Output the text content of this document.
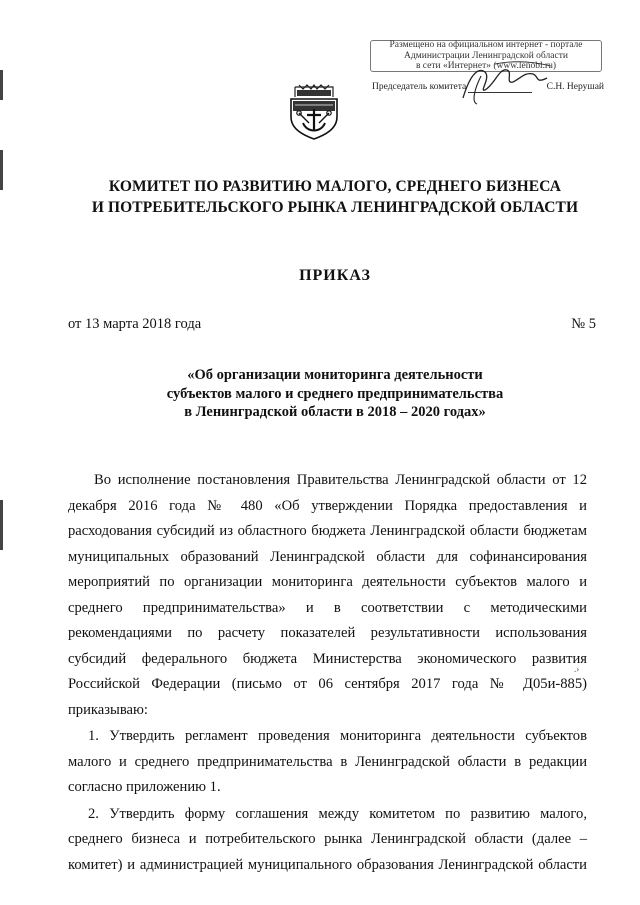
Размещено на официальном интернет - портале
Администрации Ленинградской области
в сети «Интернет» (www.lenobl.ru)
Председатель комитета	С.Н. Нерушай
КОМИТЕТ ПО РАЗВИТИЮ МАЛОГО, СРЕДНЕГО БИЗНЕСА
И ПОТРЕБИТЕЛЬСКОГО РЫНКА ЛЕНИНГРАДСКОЙ ОБЛАСТИ
ПРИКАЗ
от 13 марта 2018 года	№ 5
«Об организации мониторинга деятельности
субъектов малого и среднего предпринимательства
в Ленинградской области в 2018 – 2020 годах»

Во исполнение постановления Правительства Ленинградской области от 12 декабря 2016 года № 480 «Об утверждении Порядка предоставления и расходования субсидий из областного бюджета Ленинградской области бюджетам муниципальных образований Ленинградской области для софинансирования мероприятий по организации мониторинга деятельности субъектов малого и среднего предпринимательства» и в соответствии с методическими рекомендациями по расчету показателей результативности использования субсидий федерального бюджета Министерства экономического развития Российской Федерации (письмо от 06 сентября 2017 года № Д05и-885) приказываю:

1. Утвердить регламент проведения мониторинга деятельности субъектов малого и среднего предпринимательства в Ленинградской области в редакции согласно приложению 1.

2. Утвердить форму соглашения между комитетом по развитию малого, среднего бизнеса и потребительского рынка Ленинградской области (далее – комитет) и администрацией муниципального образования Ленинградской области

.›
